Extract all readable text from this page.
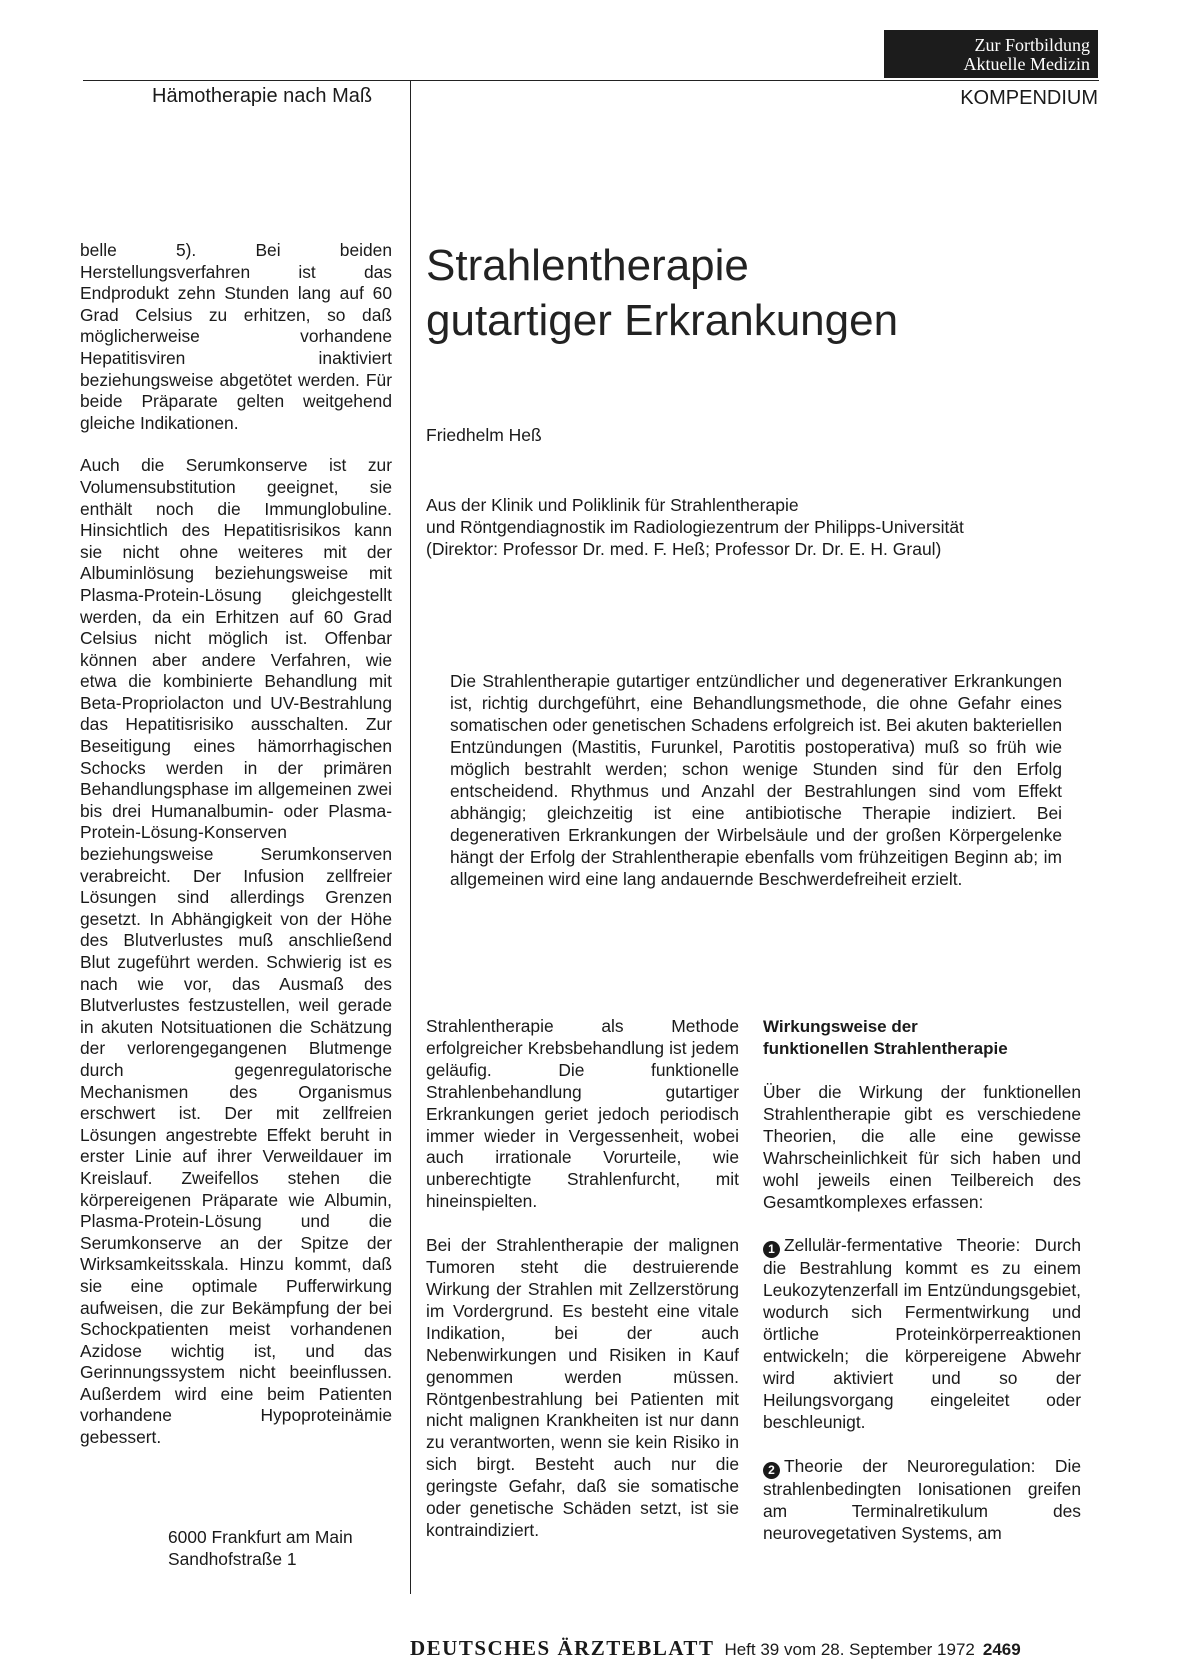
Zur Fortbildung
Aktuelle Medizin
Hämotherapie nach Maß	KOMPENDIUM

belle 5). Bei beiden Herstellungsverfahren ist das Endprodukt zehn Stunden lang auf 60 Grad Celsius zu erhitzen, so daß möglicherweise vorhandene Hepatitisviren inaktiviert beziehungsweise abgetötet werden. Für beide Präparate gelten weitgehend gleiche Indikationen.

Auch die Serumkonserve ist zur Volumensubstitution geeignet, sie enthält noch die Immunglobuline. Hinsichtlich des Hepatitisrisikos kann sie nicht ohne weiteres mit der Albuminlösung beziehungsweise mit Plasma-Protein-Lösung gleichgestellt werden, da ein Erhitzen auf 60 Grad Celsius nicht möglich ist. Offenbar können aber andere Verfahren, wie etwa die kombinierte Behandlung mit Beta-Propriolacton und UV-Bestrahlung das Hepatitisrisiko ausschalten. Zur Beseitigung eines hämorrhagischen Schocks werden in der primären Behandlungsphase im allgemeinen zwei bis drei Humanalbumin- oder Plasma-Protein-Lösung-Konserven beziehungsweise Serumkonserven verabreicht. Der Infusion zellfreier Lösungen sind allerdings Grenzen gesetzt. In Abhängigkeit von der Höhe des Blutverlustes muß anschließend Blut zugeführt werden. Schwierig ist es nach wie vor, das Ausmaß des Blutverlustes festzustellen, weil gerade in akuten Notsituationen die Schätzung der verlorengegangenen Blutmenge durch gegenregulatorische Mechanismen des Organismus erschwert ist. Der mit zellfreien Lösungen angestrebte Effekt beruht in erster Linie auf ihrer Verweildauer im Kreislauf. Zweifellos stehen die körpereigenen Präparate wie Albumin, Plasma-Protein-Lösung und die Serumkonserve an der Spitze der Wirksamkeitsskala. Hinzu kommt, daß sie eine optimale Pufferwirkung aufweisen, die zur Bekämpfung der bei Schockpatienten meist vorhandenen Azidose wichtig ist, und das Gerinnungssystem nicht beeinflussen. Außerdem wird eine beim Patienten vorhandene Hypoproteinämie gebessert.

6000 Frankfurt am Main
Sandhofstraße 1
Strahlentherapie
gutartiger Erkrankungen
Friedhelm Heß
Aus der Klinik und Poliklinik für Strahlentherapie
und Röntgendiagnostik im Radiologiezentrum der Philipps-Universität
(Direktor: Professor Dr. med. F. Heß; Professor Dr. Dr. E. H. Graul)
Die Strahlentherapie gutartiger entzündlicher und degenerativer Erkrankungen ist, richtig durchgeführt, eine Behandlungsmethode, die ohne Gefahr eines somatischen oder genetischen Schadens erfolgreich ist. Bei akuten bakteriellen Entzündungen (Mastitis, Furunkel, Parotitis postoperativa) muß so früh wie möglich bestrahlt werden; schon wenige Stunden sind für den Erfolg entscheidend. Rhythmus und Anzahl der Bestrahlungen sind vom Effekt abhängig; gleichzeitig ist eine antibiotische Therapie indiziert. Bei degenerativen Erkrankungen der Wirbelsäule und der großen Körpergelenke hängt der Erfolg der Strahlentherapie ebenfalls vom frühzeitigen Beginn ab; im allgemeinen wird eine lang andauernde Beschwerdefreiheit erzielt.

Strahlentherapie als Methode erfolgreicher Krebsbehandlung ist jedem geläufig. Die funktionelle Strahlenbehandlung gutartiger Erkrankungen geriet jedoch periodisch immer wieder in Vergessenheit, wobei auch irrationale Vorurteile, wie unberechtigte Strahlenfurcht, mit hineinspielten.

Bei der Strahlentherapie der malignen Tumoren steht die destruierende Wirkung der Strahlen mit Zellzerstörung im Vordergrund. Es besteht eine vitale Indikation, bei der auch Nebenwirkungen und Risiken in Kauf genommen werden müssen. Röntgenbestrahlung bei Patienten mit nicht malignen Krankheiten ist nur dann zu verantworten, wenn sie kein Risiko in sich birgt. Besteht auch nur die geringste Gefahr, daß sie somatische oder genetische Schäden setzt, ist sie kontraindiziert.

Wirkungsweise der
funktionellen Strahlentherapie

Über die Wirkung der funktionellen Strahlentherapie gibt es verschiedene Theorien, die alle eine gewisse Wahrscheinlichkeit für sich haben und wohl jeweils einen Teilbereich des Gesamtkomplexes erfassen:

1 Zellulär-fermentative Theorie: Durch die Bestrahlung kommt es zu einem Leukozytenzerfall im Entzündungsgebiet, wodurch sich Fermentwirkung und örtliche Proteinkörperreaktionen entwickeln; die körpereigene Abwehr wird aktiviert und so der Heilungsvorgang eingeleitet oder beschleunigt.

2 Theorie der Neuroregulation: Die strahlenbedingten Ionisationen greifen am Terminalretikulum des neurovegetativen Systems, am

DEUTSCHES ÄRZTEBLATT Heft 39 vom 28. September 1972 2469
